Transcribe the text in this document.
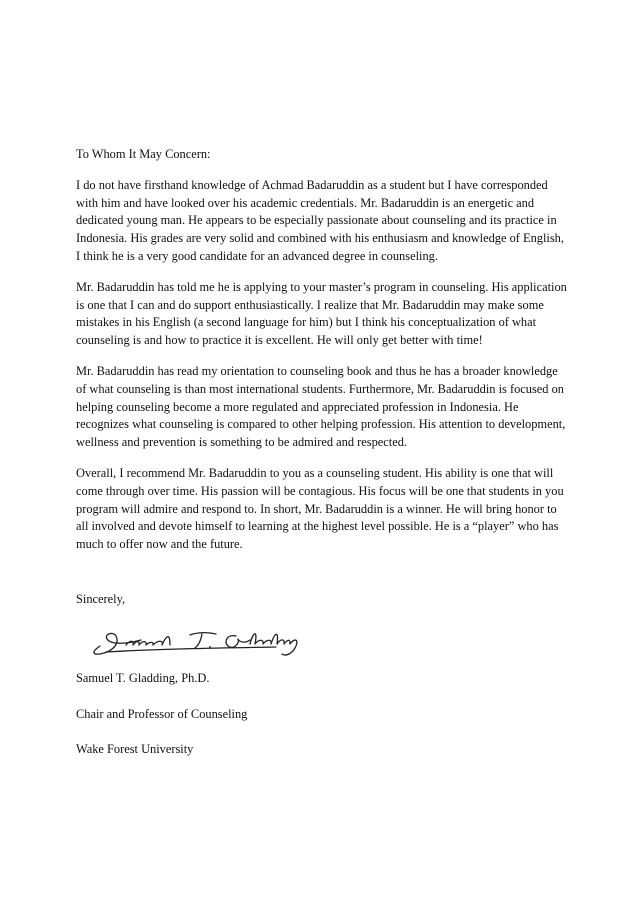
To Whom It May Concern:

I do not have firsthand knowledge of Achmad Badaruddin as a student but I have corresponded with him and have looked over his academic credentials. Mr. Badaruddin is an energetic and dedicated young man. He appears to be especially passionate about counseling and its practice in Indonesia. His grades are very solid and combined with his enthusiasm and knowledge of English, I think he is a very good candidate for an advanced degree in counseling.

Mr. Badaruddin has told me he is applying to your master’s program in counseling. His application is one that I can and do support enthusiastically. I realize that Mr. Badaruddin may make some mistakes in his English (a second language for him) but I think his conceptualization of what counseling is and how to practice it is excellent. He will only get better with time!

Mr. Badaruddin has read my orientation to counseling book and thus he has a broader knowledge of what counseling is than most international students. Furthermore, Mr. Badaruddin is focused on helping counseling become a more regulated and appreciated profession in Indonesia. He recognizes what counseling is compared to other helping profession. His attention to development, wellness and prevention is something to be admired and respected.

Overall, I recommend Mr. Badaruddin to you as a counseling student. His ability is one that will come through over time. His passion will be contagious. His focus will be one that students in you program will admire and respond to. In short, Mr. Badaruddin is a winner. He will bring honor to all involved and devote himself to learning at the highest level possible. He is a “player” who has much to offer now and the future.

Sincerely,

Samuel T. Gladding, Ph.D.

Chair and Professor of Counseling

Wake Forest University
